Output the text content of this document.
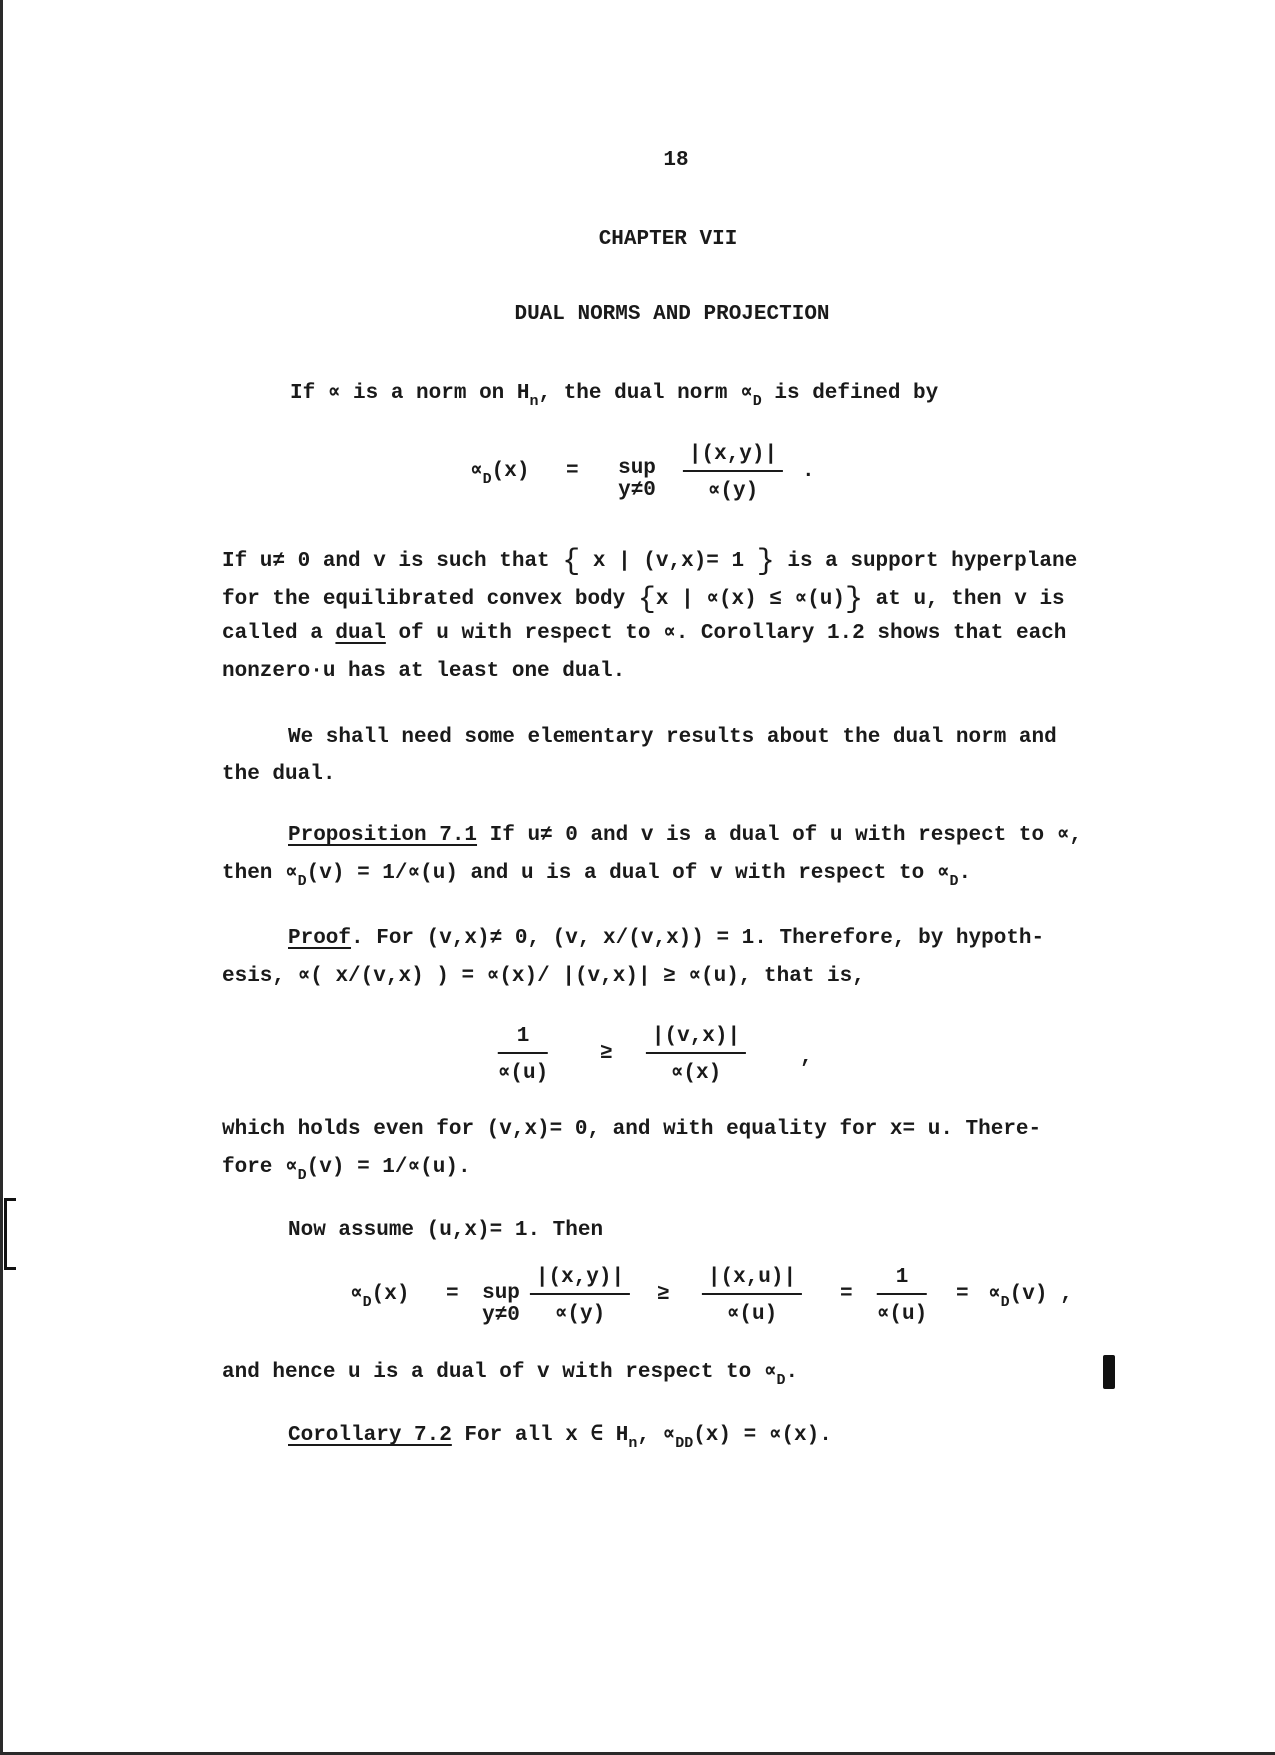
18
CHAPTER VII
DUAL NORMS AND PROJECTION
If ∝ is a norm on $H_n$, the dual norm $\propto_D$ is defined by
$\propto_D(x)$ = sup
$y\ne 0 \frac{|(x,y)|}{\propto(y)}$ .
If u≠ 0 and v is such that { x | (v,x)= 1 } is a support hyperplane
for the equilibrated convex body {x | ∝(x) ≤ ∝(u)} at u, then v is
called a dual of u with respect to ∝. Corollary 1.2 shows that each
nonzero·u has at least one dual.
We shall need some elementary results about the dual norm and
the dual.
Proposition 7.1 If u≠ 0 and v is a dual of u with respect to ∝,
then $\propto_D(v) = 1/\propto(u)$ and u is a dual of v with respect to $\propto_D$.
Proof. For (v,x)≠ 0, (v, x/(v,x)) = 1. Therefore, by hypoth-
esis, ∝( x/(v,x) ) = ∝(x)/ |(v,x)| ≥ ∝(u), that is,
$\frac{1}{\propto(u)} \ge \frac{|(v,x)|}{\propto(x)}$	,
which holds even for (v,x)= 0, and with equality for x= u. There-
fore $\propto_D(v) = 1/\propto(u)$.
Now assume (u,x)= 1. Then
$\propto_D(x)$ = sup
$y\ne 0 \frac{|(x,y)|}{\propto(y)} \ge \frac{|(x,u)|}{\propto(u)} = \frac{1}{\propto(u)} = \propto_D(v)$ ,
and hence u is a dual of v with respect to $\propto_D$.
Corollary 7.2 For all x ∈ $H_n$, $\propto_{DD}(x) = \propto(x)$.
